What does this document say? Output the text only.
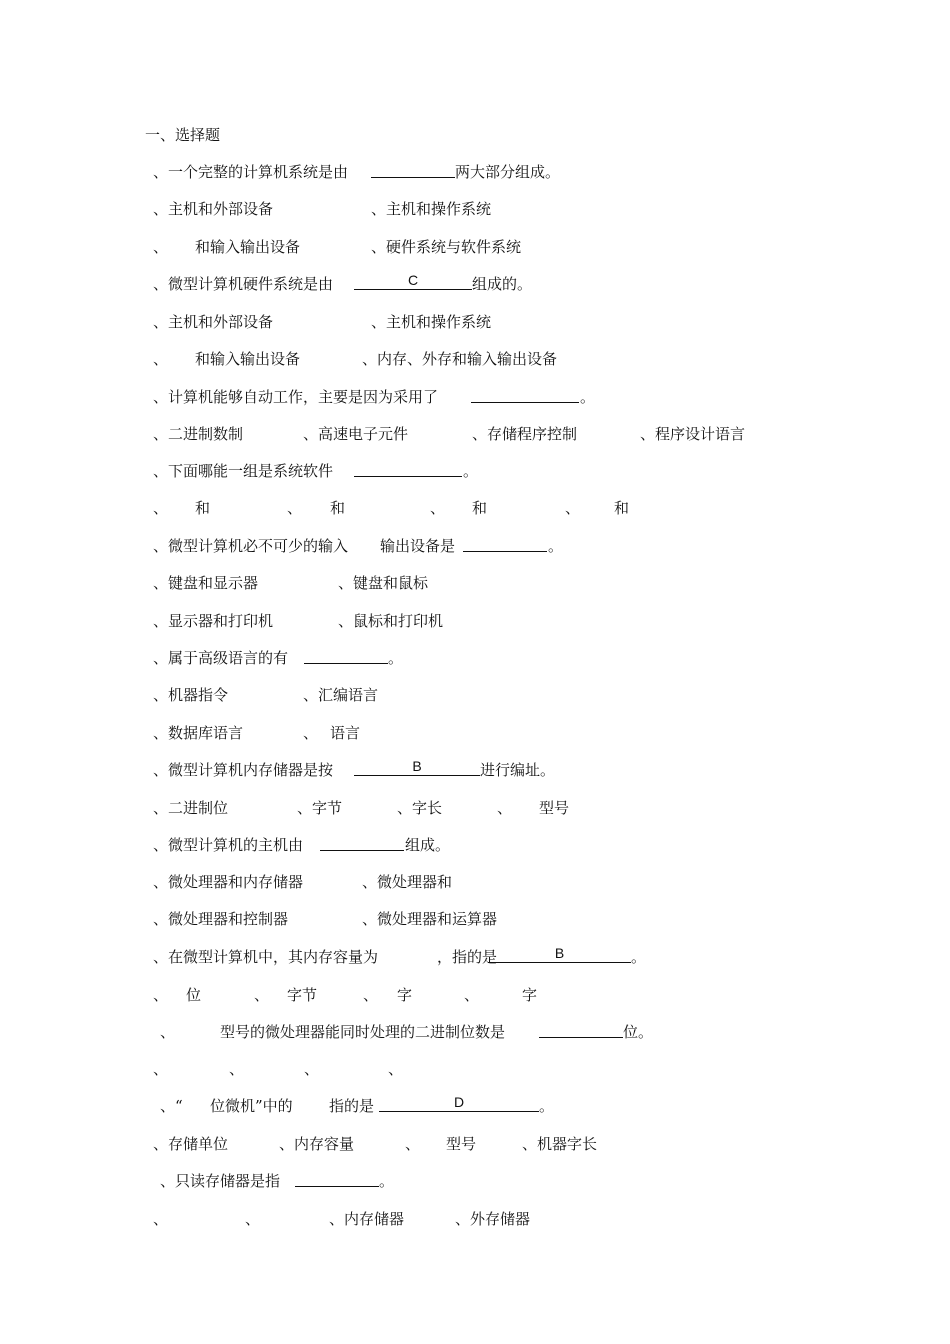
一、选择题
、一个完整的计算机系统是由	两大部分组成。
、主机和外部设备	、主机和操作系统
、 和输入输出设备	、硬件系统与软件系统
、微型计算机硬件系统是由	C	组成的。
、主机和外部设备	、主机和操作系统
、 和输入输出设备	、内存、外存和输入输出设备
、计算机能够自动工作，主要是因为采用了	。
、二进制数制	、高速电子元件	、存储程序控制	、程序设计语言
、下面哪能一组是系统软件	。
、 和	、 和	、 和	、 和
、微型计算机必不可少的输入 输出设备是	。
、键盘和显示器	、键盘和鼠标
、显示器和打印机	、鼠标和打印机
、属于高级语言的有	。
、机器指令	、汇编语言
、数据库语言	、 语言
、微型计算机内存储器是按	B	进行编址。
、二进制位	、字节	、字长	、 型号
、微型计算机的主机由	组成。
、微处理器和内存储器	、微处理器和
、微处理器和控制器	、微处理器和运算器
、在微型计算机中，其内存容量为	，指的是	B	。
、 位	、 字节	、 字	、	字
、	型号的微处理器能同时处理的二进制位数是	位。
、	、	、	、
、“ 位微机”中的 指的是	D	。
、存储单位	、内存容量	、 型号	、机器字长
、只读存储器是指	。
、	、	、内存储器	、外存储器
